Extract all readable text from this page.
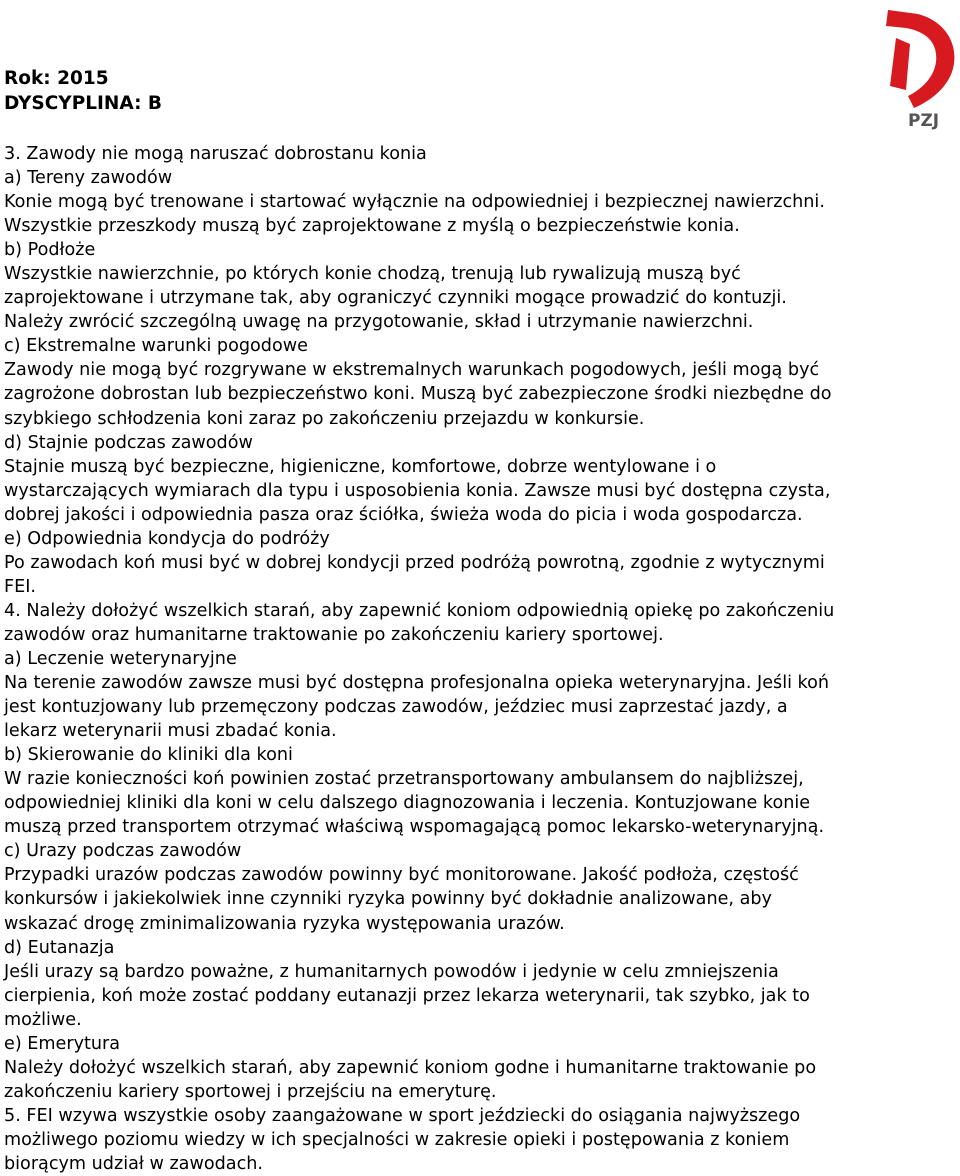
PZJ
Rok: 2015
DYSCYPLINA: B
3. Zawody nie mogą naruszać dobrostanu konia
a) Tereny zawodów
Konie mogą być trenowane i startować wyłącznie na odpowiedniej i bezpiecznej nawierzchni.
Wszystkie przeszkody muszą być zaprojektowane z myślą o bezpieczeństwie konia.
b) Podłoże
Wszystkie nawierzchnie, po których konie chodzą, trenują lub rywalizują muszą być
zaprojektowane i utrzymane tak, aby ograniczyć czynniki mogące prowadzić do kontuzji.
Należy zwrócić szczególną uwagę na przygotowanie, skład i utrzymanie nawierzchni.
c) Ekstremalne warunki pogodowe
Zawody nie mogą być rozgrywane w ekstremalnych warunkach pogodowych, jeśli mogą być
zagrożone dobrostan lub bezpieczeństwo koni. Muszą być zabezpieczone środki niezbędne do
szybkiego schłodzenia koni zaraz po zakończeniu przejazdu w konkursie.
d) Stajnie podczas zawodów
Stajnie muszą być bezpieczne, higieniczne, komfortowe, dobrze wentylowane i o
wystarczających wymiarach dla typu i usposobienia konia. Zawsze musi być dostępna czysta,
dobrej jakości i odpowiednia pasza oraz ściółka, świeża woda do picia i woda gospodarcza.
e) Odpowiednia kondycja do podróży
Po zawodach koń musi być w dobrej kondycji przed podróżą powrotną, zgodnie z wytycznymi
FEI.
4. Należy dołożyć wszelkich starań, aby zapewnić koniom odpowiednią opiekę po zakończeniu
zawodów oraz humanitarne traktowanie po zakończeniu kariery sportowej.
a) Leczenie weterynaryjne
Na terenie zawodów zawsze musi być dostępna profesjonalna opieka weterynaryjna. Jeśli koń
jest kontuzjowany lub przemęczony podczas zawodów, jeździec musi zaprzestać jazdy, a
lekarz weterynarii musi zbadać konia.
b) Skierowanie do kliniki dla koni
W razie konieczności koń powinien zostać przetransportowany ambulansem do najbliższej,
odpowiedniej kliniki dla koni w celu dalszego diagnozowania i leczenia. Kontuzjowane konie
muszą przed transportem otrzymać właściwą wspomagającą pomoc lekarsko-weterynaryjną.
c) Urazy podczas zawodów
Przypadki urazów podczas zawodów powinny być monitorowane. Jakość podłoża, częstość
konkursów i jakiekolwiek inne czynniki ryzyka powinny być dokładnie analizowane, aby
wskazać drogę zminimalizowania ryzyka występowania urazów.
d) Eutanazja
Jeśli urazy są bardzo poważne, z humanitarnych powodów i jedynie w celu zmniejszenia
cierpienia, koń może zostać poddany eutanazji przez lekarza weterynarii, tak szybko, jak to
możliwe.
e) Emerytura
Należy dołożyć wszelkich starań, aby zapewnić koniom godne i humanitarne traktowanie po
zakończeniu kariery sportowej i przejściu na emeryturę.
5. FEI wzywa wszystkie osoby zaangażowane w sport jeździecki do osiągania najwyższego
możliwego poziomu wiedzy w ich specjalności w zakresie opieki i postępowania z koniem
biorącym udział w zawodach.
